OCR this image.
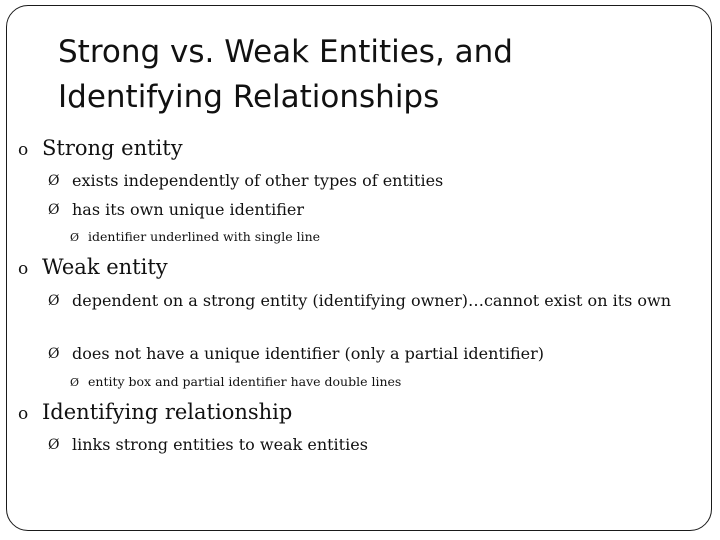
Strong vs. Weak Entities, and
Identifying Relationships
o Strong entity
Ø exists independently of other types of entities
Ø has its own unique identifier
Ø identifier underlined with single line
o Weak entity
Ø dependent on a strong entity (identifying owner)…cannot exist on its own
Ø does not have a unique identifier (only a partial identifier)
Ø entity box and partial identifier have double lines
o Identifying relationship
Ø links strong entities to weak entities
